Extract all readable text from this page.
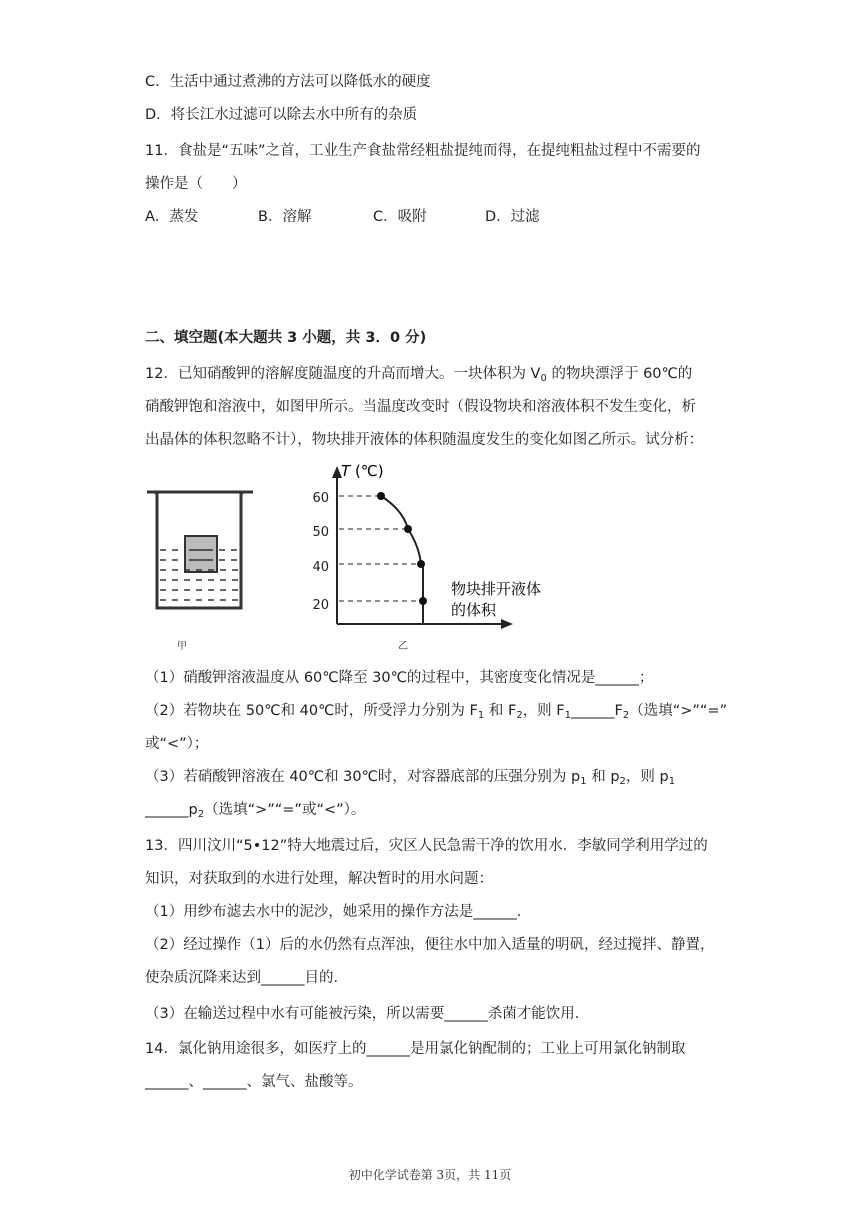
C．生活中通过煮沸的方法可以降低水的硬度
D．将长江水过滤可以除去水中所有的杂质
11．食盐是“五味”之首，工业生产食盐常经粗盐提纯而得，在提纯粗盐过程中不需要的
操作是（　　）
A．蒸发	B．溶解	C．吸附	D．过滤
二、填空题(本大题共 3 小题，共 3．0 分)
12．已知硝酸钾的溶解度随温度的升高而增大。一块体积为 $V_0$ 的物块漂浮于 60℃的
硝酸钾饱和溶液中，如图甲所示。当温度改变时（假设物块和溶液体积不发生变化，析
出晶体的体积忽略不计），物块排开液体的体积随温度发生的变化如图乙所示。试分析：
甲
T (℃)
60
50
40
20
物块排开液体
的体积
乙
（1）硝酸钾溶液温度从 60℃降至 30℃的过程中，其密度变化情况是______；
（2）若物块在 50℃和 40℃时，所受浮力分别为 $F_1$ 和 $F_2$，则 $F_1\_\_\_\_\_\_F_2$（选填“>”“=”
或“<”）；
（3）若硝酸钾溶液在 40℃和 30℃时，对容器底部的压强分别为 $p_1$ 和 $p_2$，则 $p_1$
$\_\_\_\_\_\_p_2$（选填“>”“=”或“<”）。
13．四川汶川“5•12”特大地震过后，灾区人民急需干净的饮用水．李敏同学利用学过的
知识，对获取到的水进行处理，解决暂时的用水问题：
（1）用纱布滤去水中的泥沙，她采用的操作方法是______．
（2）经过操作（1）后的水仍然有点浑浊，便往水中加入适量的明矾，经过搅拌、静置，
使杂质沉降来达到______目的．
（3）在输送过程中水有可能被污染，所以需要______杀菌才能饮用．
14．氯化钠用途很多，如医疗上的______是用氯化钠配制的；工业上可用氯化钠制取
______、______、氯气、盐酸等。
初中化学试卷第 3页，共 11页
